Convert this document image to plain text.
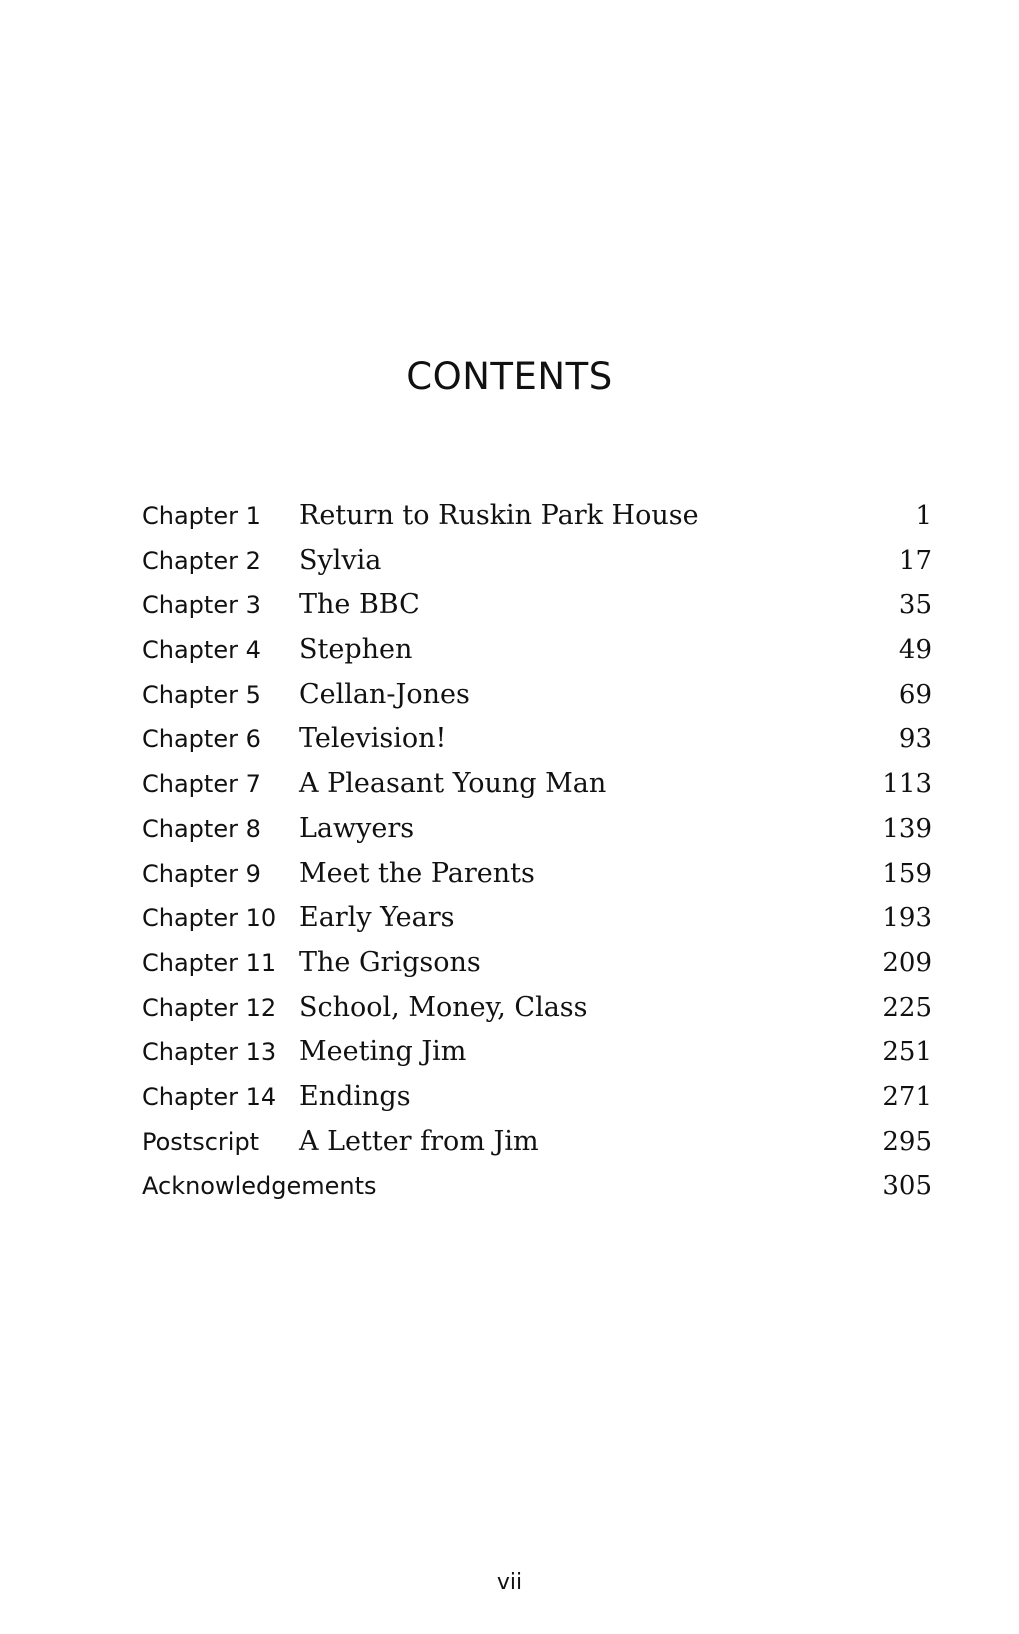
CONTENTS
Chapter 1 Return to Ruskin Park House	1
Chapter 2 Sylvia	17
Chapter 3 The BBC	35
Chapter 4 Stephen	49
Chapter 5 Cellan-Jones	69
Chapter 6 Television!	93
Chapter 7 A Pleasant Young Man	113
Chapter 8 Lawyers	139
Chapter 9 Meet the Parents	159
Chapter 10 Early Years	193
Chapter 11 The Grigsons	209
Chapter 12 School, Money, Class	225
Chapter 13 Meeting Jim	251
Chapter 14 Endings	271
Postscript A Letter from Jim	295
Acknowledgements	305
vii
